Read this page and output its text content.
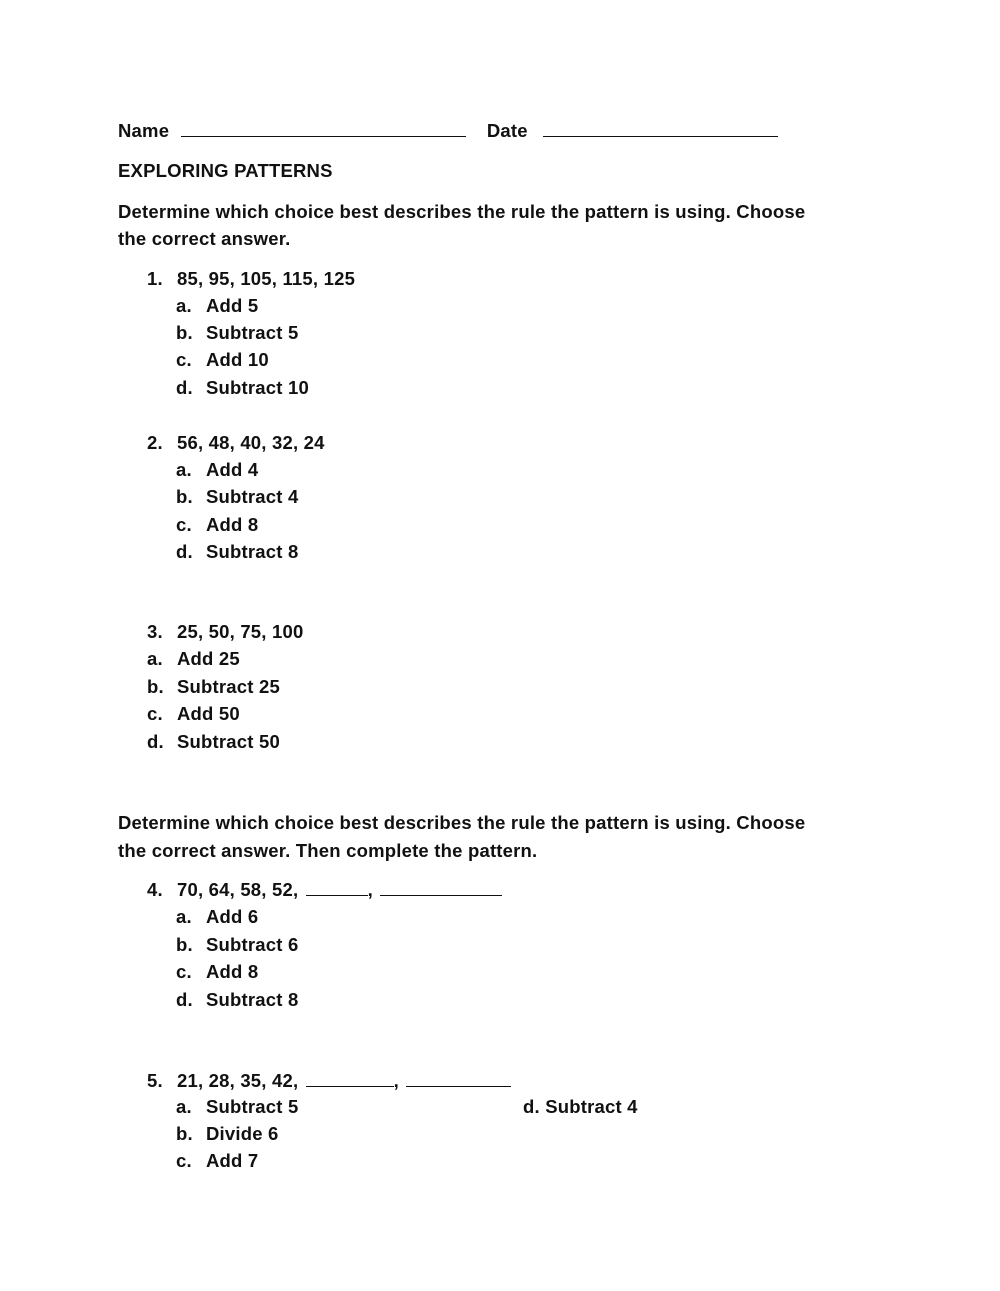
Name	Date
EXPLORING PATTERNS
Determine which choice best describes the rule the pattern is using. Choose
the correct answer.
1. 85, 95, 105, 115, 125
a. Add 5
b. Subtract 5
c. Add 10
d. Subtract 10
2. 56, 48, 40, 32, 24
a. Add 4
b. Subtract 4
c. Add 8
d. Subtract 8
3. 25, 50, 75, 100
a. Add 25
b. Subtract 25
c. Add 50
d. Subtract 50
Determine which choice best describes the rule the pattern is using. Choose
the correct answer. Then complete the pattern.
4. 70, 64, 58, 52,	,
a. Add 6
b. Subtract 6
c. Add 8
d. Subtract 8
5. 21, 28, 35, 42,	,
a. Subtract 5	d. Subtract 4
b. Divide 6
c. Add 7
